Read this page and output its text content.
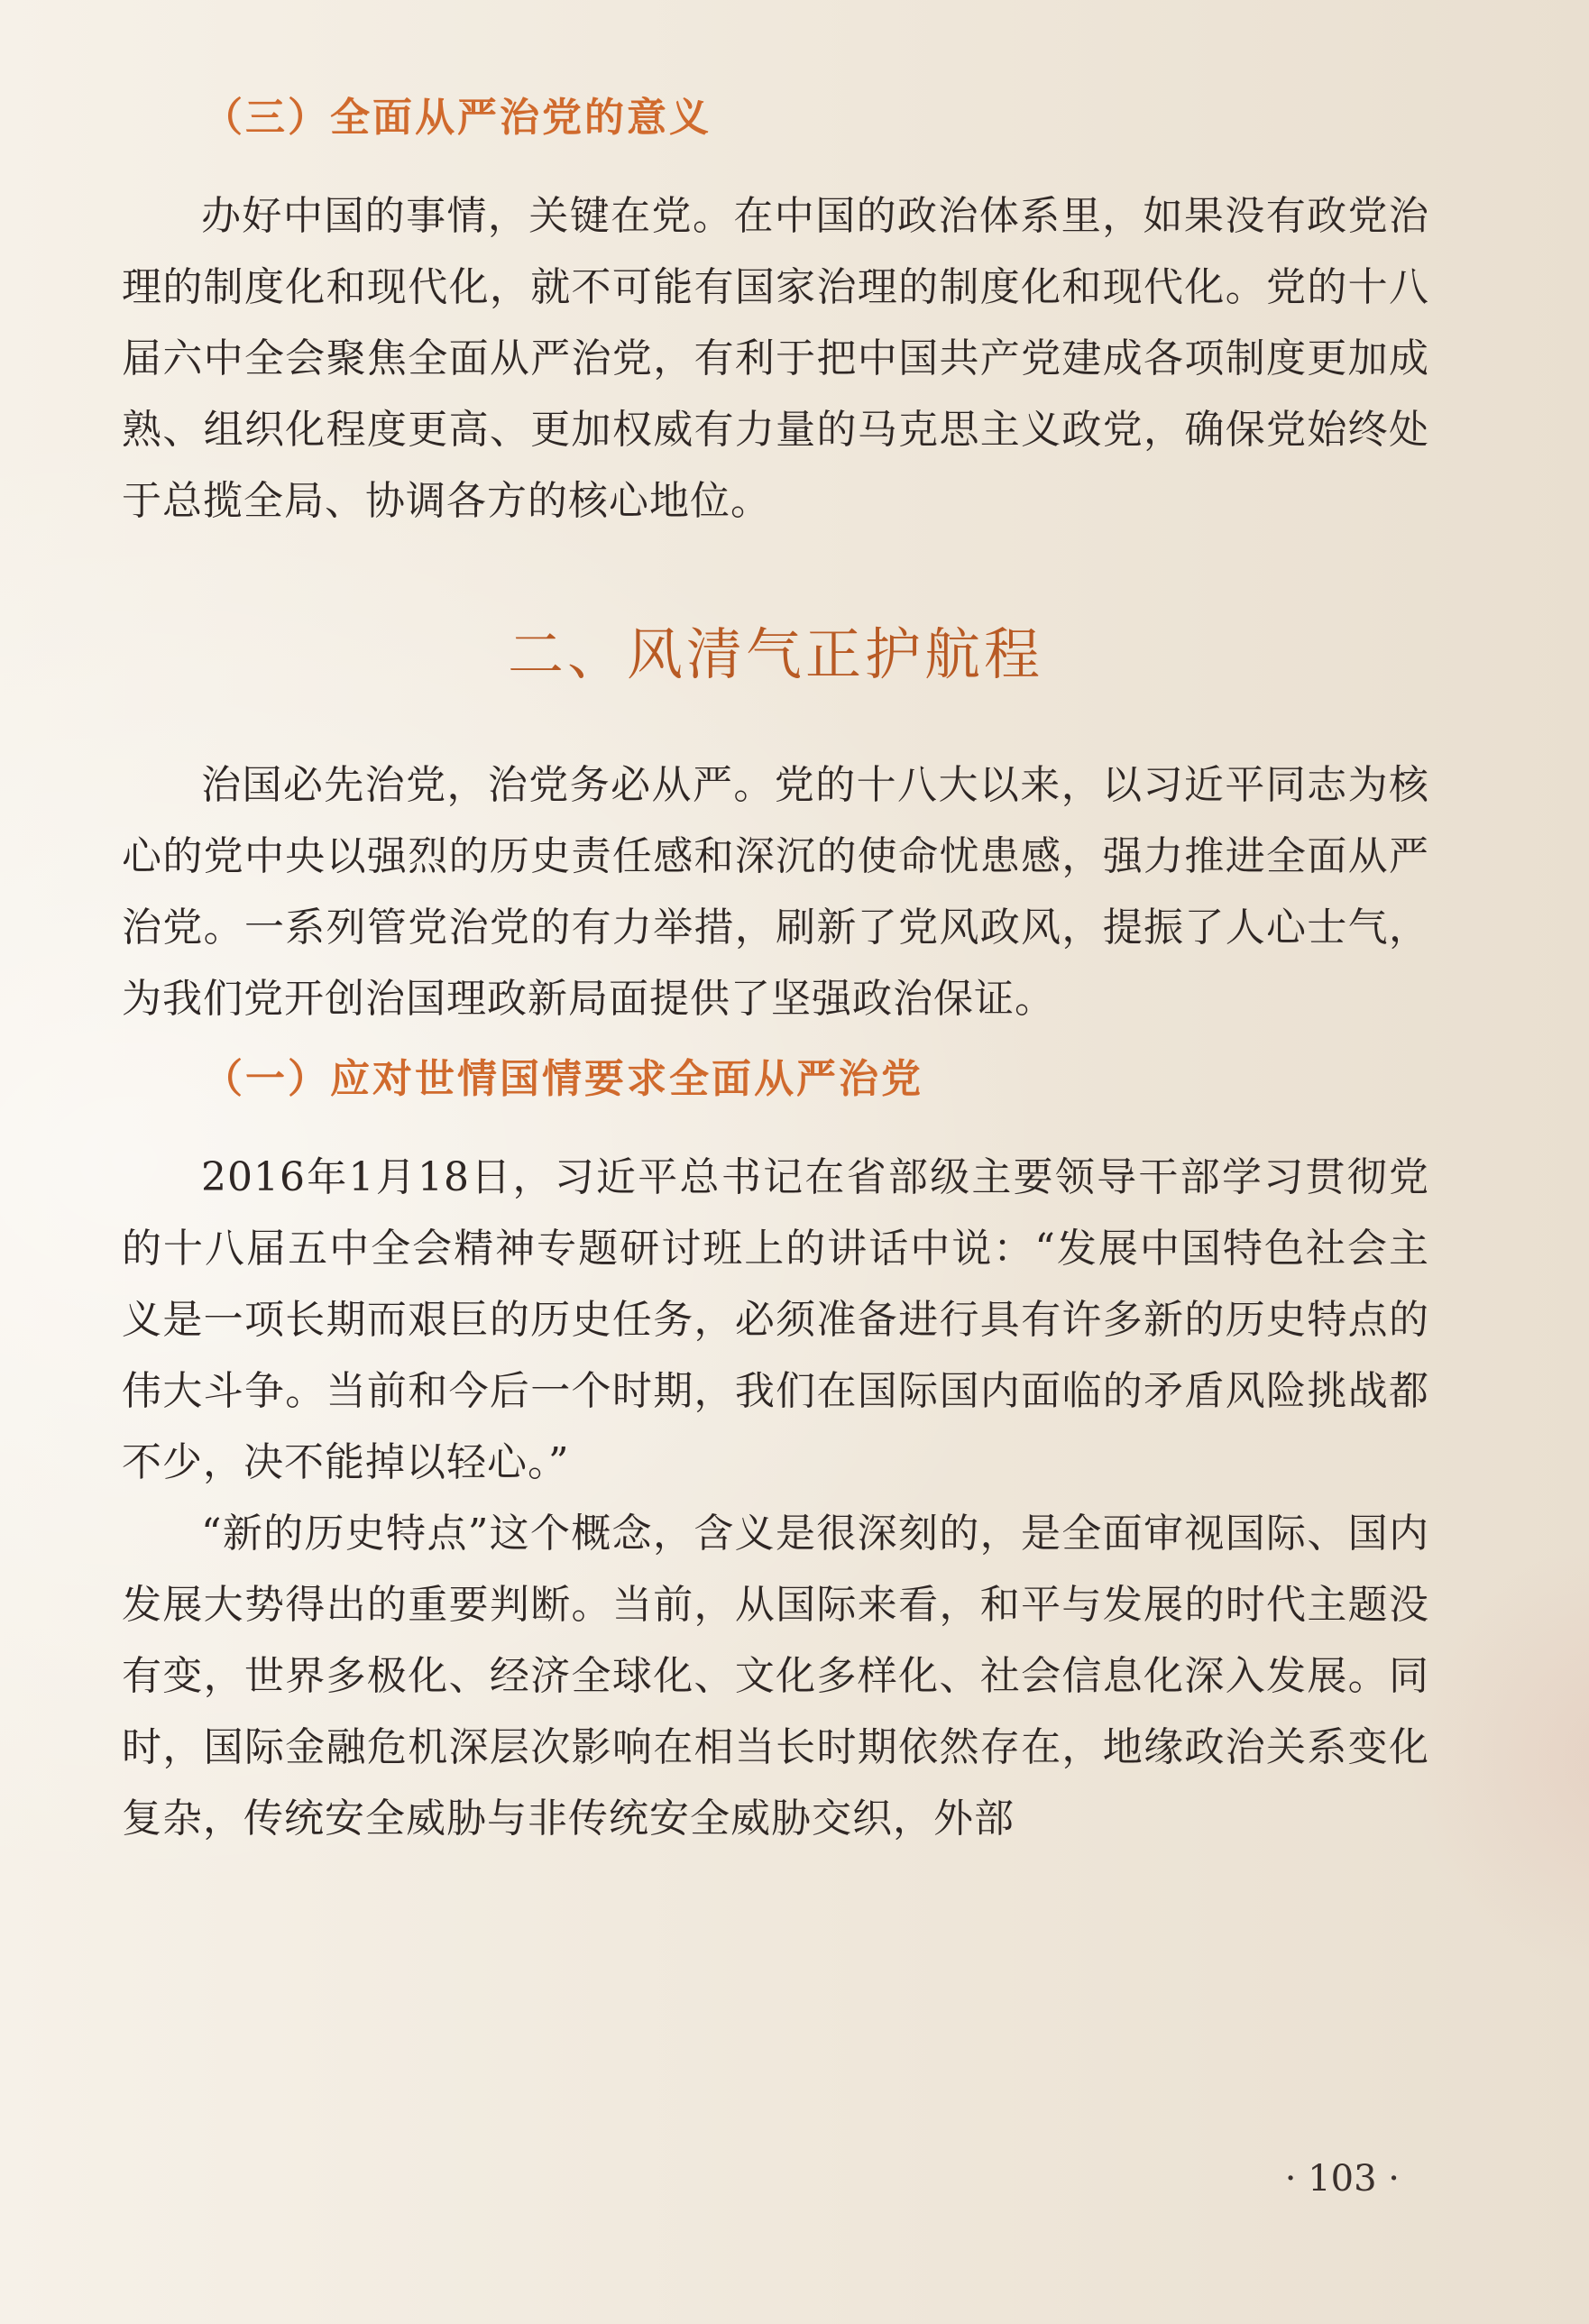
（三）全面从严治党的意义

办好中国的事情，关键在党。在中国的政治体系里，如果没有政党治理的制度化和现代化，就不可能有国家治理的制度化和现代化。党的十八届六中全会聚焦全面从严治党，有利于把中国共产党建成各项制度更加成熟、组织化程度更高、更加权威有力量的马克思主义政党，确保党始终处于总揽全局、协调各方的核心地位。

二、风清气正护航程

治国必先治党，治党务必从严。党的十八大以来，以习近平同志为核心的党中央以强烈的历史责任感和深沉的使命忧患感，强力推进全面从严治党。一系列管党治党的有力举措，刷新了党风政风，提振了人心士气，为我们党开创治国理政新局面提供了坚强政治保证。

（一）应对世情国情要求全面从严治党

2016年1月18日，习近平总书记在省部级主要领导干部学习贯彻党的十八届五中全会精神专题研讨班上的讲话中说：“发展中国特色社会主义是一项长期而艰巨的历史任务，必须准备进行具有许多新的历史特点的伟大斗争。当前和今后一个时期，我们在国际国内面临的矛盾风险挑战都不少，决不能掉以轻心。”

“新的历史特点”这个概念，含义是很深刻的，是全面审视国际、国内发展大势得出的重要判断。当前，从国际来看，和平与发展的时代主题没有变，世界多极化、经济全球化、文化多样化、社会信息化深入发展。同时，国际金融危机深层次影响在相当长时期依然存在，地缘政治关系变化复杂，传统安全威胁与非传统安全威胁交织，外部

· 103 ·
